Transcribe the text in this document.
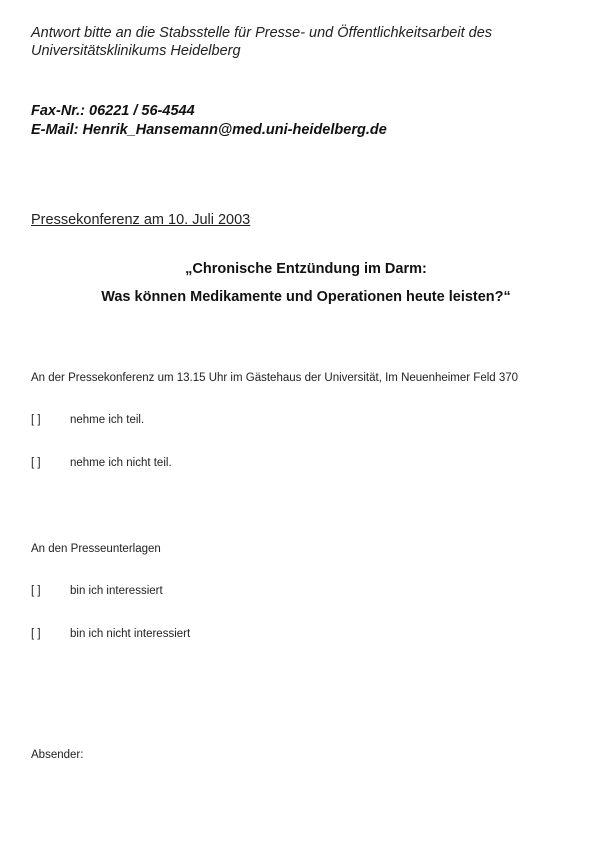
Antwort bitte an die Stabsstelle für Presse- und Öffentlichkeitsarbeit des
Universitätsklinikums Heidelberg
Fax-Nr.: 06221 / 56-4544
E-Mail: Henrik_Hansemann@med.uni-heidelberg.de
Pressekonferenz am 10. Juli 2003
„Chronische Entzündung im Darm:
Was können Medikamente und Operationen heute leisten?“
An der Pressekonferenz um 13.15 Uhr im Gästehaus der Universität, Im Neuenheimer Feld 370
[ ]	nehme ich teil.
[ ]	nehme ich nicht teil.
An den Presseunterlagen
[ ]	bin ich interessiert
[ ]	bin ich nicht interessiert
Absender:
